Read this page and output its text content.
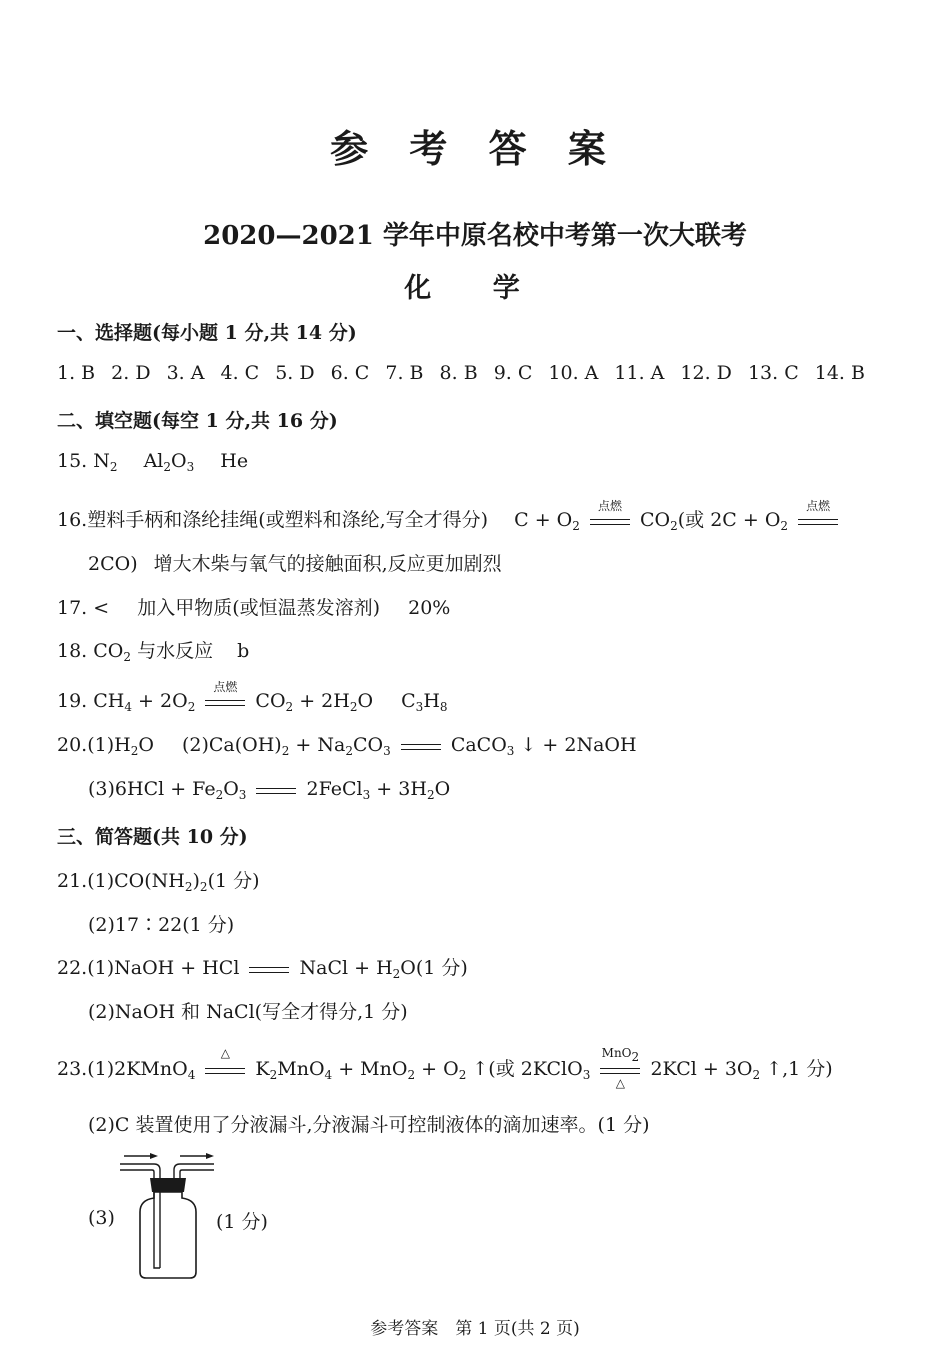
参 考 答 案
2020—2021 学年中原名校中考第一次大联考
化 学
一、选择题(每小题 1 分,共 14 分)
1. B 2. D 3. A 4. C 5. D 6. C 7. B 8. B 9. C 10. A 11. A 12. D 13. C 14. B
二、填空题(每空 1 分,共 16 分)
15. $N_2$ $Al_2O_3$ He
16.塑料手柄和涤纶挂绳(或塑料和涤纶,写全才得分) $C + O_2$
点燃
$CO_2$(或 $2C + O_2$
点燃
2CO) 增大木柴与氧气的接触面积,反应更加剧烈
17. < 加入甲物质(或恒温蒸发溶剂) 20%
18. $CO_2$ 与水反应 b
19. $CH_4 + 2O_2$
点燃
$CO_2 + 2H_2O$ $C_3H_8$
$20.(1)H_2O$ $(2)Ca(OH)_2 + Na_2CO_3$	CaCO$_3$ ↓ + 2NaOH
$(3)6HCl + Fe_2O_3$	2FeCl$_3$ + $3H_2O$
三、简答题(共 10 分)
$21.(1)CO(NH_2)_2(1$ 分)
(2)17∶22(1 分)
22.(1)NaOH + HCl	NaCl + $H_2O(1$ 分)
(2)NaOH 和 NaCl(写全才得分,1 分)
23.(1)2KMnO$_4$
△
$K_2MnO_4 + MnO_2 + O_2$ ↑(或 2KClO$_3$
MnO$_2$
△
$2KCl + 3O_2$ ↑,1 分)
(2)C 装置使用了分液漏斗,分液漏斗可控制液体的滴加速率。(1 分)
(3)	(1 分)
参考答案　第 1 页(共 2 页)
